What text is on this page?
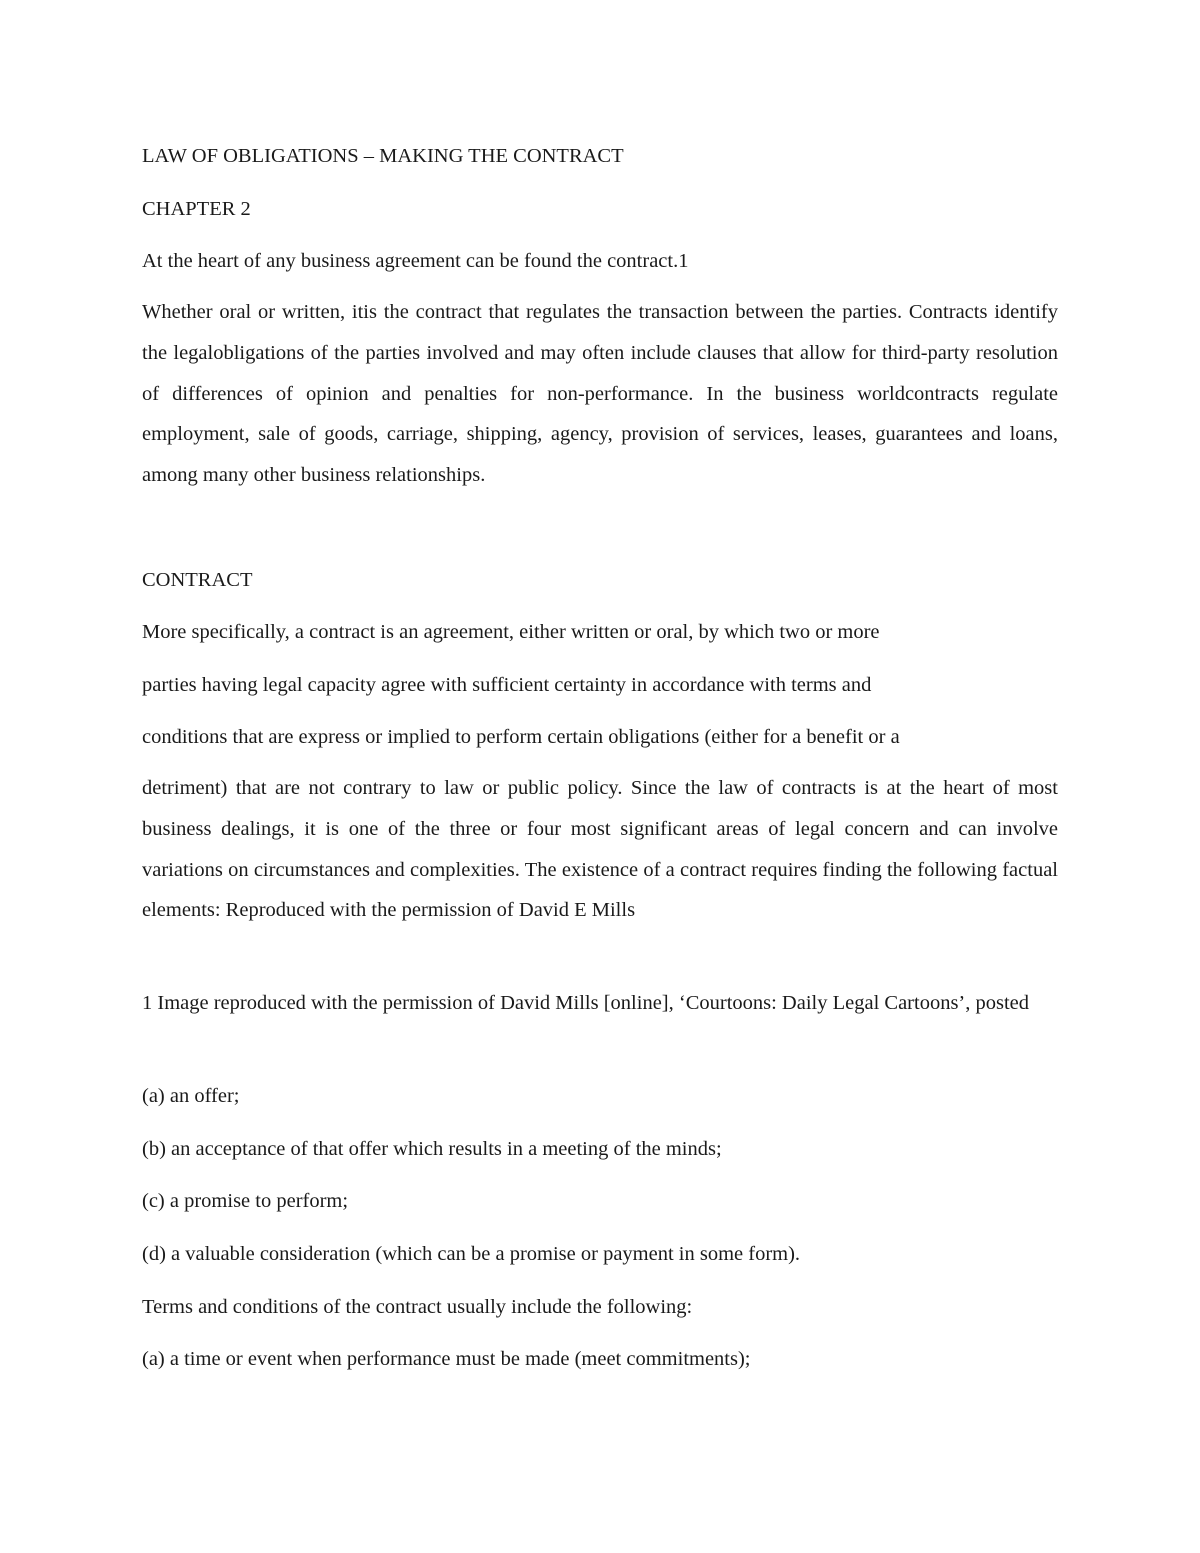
LAW OF OBLIGATIONS – MAKING THE CONTRACT

CHAPTER 2

At the heart of any business agreement can be found the contract.1

Whether oral or written, itis the contract that regulates the transaction between the parties. Contracts identify the legalobligations of the parties involved and may often include clauses that allow for third-party resolution of differences of opinion and penalties for non-performance. In the business worldcontracts regulate employment, sale of goods, carriage, shipping, agency, provision of services, leases, guarantees and loans, among many other business relationships.

CONTRACT

More specifically, a contract is an agreement, either written or oral, by which two or more

parties having legal capacity agree with sufficient certainty in accordance with terms and

conditions that are express or implied to perform certain obligations (either for a benefit or a

detriment) that are not contrary to law or public policy. Since the law of contracts is at the heart of most business dealings, it is one of the three or four most significant areas of legal concern and can involve variations on circumstances and complexities. The existence of a contract requires finding the following factual elements: Reproduced with the permission of David E Mills

1 Image reproduced with the permission of David Mills [online], ‘Courtoons: Daily Legal Cartoons’, posted

(a) an offer;

(b) an acceptance of that offer which results in a meeting of the minds;

(c) a promise to perform;

(d) a valuable consideration (which can be a promise or payment in some form).

Terms and conditions of the contract usually include the following:

(a) a time or event when performance must be made (meet commitments);
